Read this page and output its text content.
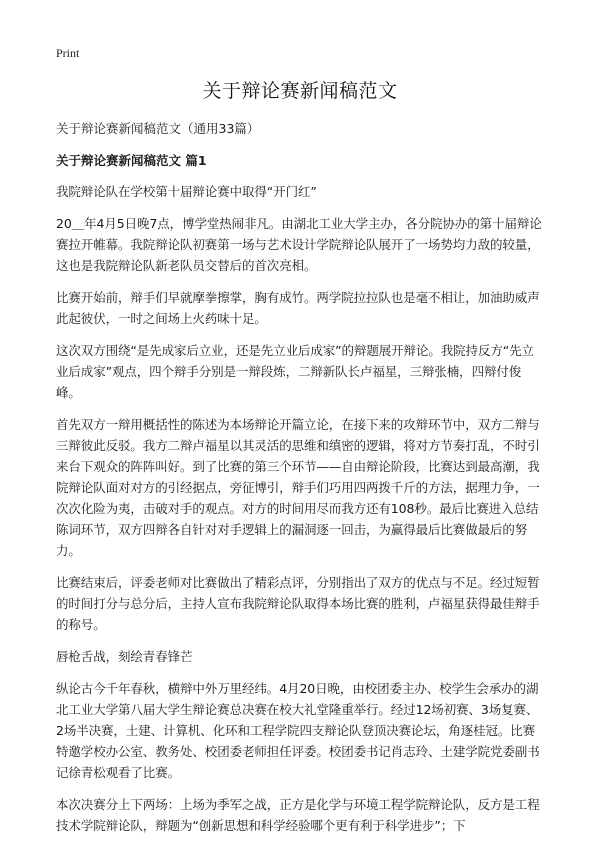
Print
关于辩论赛新闻稿范文

关于辩论赛新闻稿范文（通用33篇）

关于辩论赛新闻稿范文 篇1

我院辩论队在学校第十届辩论赛中取得“开门红”

20＿年4月5日晚7点，博学堂热闹非凡。由湖北工业大学主办，各分院协办的第十届辩论赛拉开帷幕。我院辩论队初赛第一场与艺术设计学院辩论队展开了一场势均力敌的较量，这也是我院辩论队新老队员交替后的首次亮相。

比赛开始前，辩手们早就摩拳擦掌，胸有成竹。两学院拉拉队也是毫不相让，加油助威声此起彼伏，一时之间场上火药味十足。

这次双方围绕“是先成家后立业，还是先立业后成家”的辩题展开辩论。我院持反方“先立业后成家”观点，四个辩手分别是一辩段炼，二辩新队长卢福星，三辩张楠，四辩付俊峰。

首先双方一辩用概括性的陈述为本场辩论开篇立论，在接下来的攻辩环节中，双方二辩与三辩彼此反驳。我方二辩卢福星以其灵活的思维和缜密的逻辑，将对方节奏打乱，不时引来台下观众的阵阵叫好。到了比赛的第三个环节——自由辩论阶段，比赛达到最高潮，我院辩论队面对对方的引经据点，旁征博引，辩手们巧用四两拨千斤的方法，据理力争，一次次化险为夷，击破对手的观点。对方的时间用尽而我方还有108秒。最后比赛进入总结陈词环节，双方四辩各自针对对手逻辑上的漏洞逐一回击，为赢得最后比赛做最后的努力。

比赛结束后，评委老师对比赛做出了精彩点评，分别指出了双方的优点与不足。经过短暂的时间打分与总分后，主持人宣布我院辩论队取得本场比赛的胜利，卢福星获得最佳辩手的称号。

唇枪舌战，刻绘青春锋芒

纵论古今千年春秋，横辩中外万里经纬。4月20日晚，由校团委主办、校学生会承办的湖北工业大学第八届大学生辩论赛总决赛在校大礼堂隆重举行。经过12场初赛、3场复赛、2场半决赛，土建、计算机、化环和工程学院四支辩论队登顶决赛论坛，角逐桂冠。比赛特邀学校办公室、教务处、校团委老师担任评委。校团委书记肖志玲、土建学院党委副书记徐青松观看了比赛。

本次决赛分上下两场：上场为季军之战，正方是化学与环境工程学院辩论队，反方是工程技术学院辩论队，辩题为“创新思想和科学经验哪个更有利于科学进步”；下
